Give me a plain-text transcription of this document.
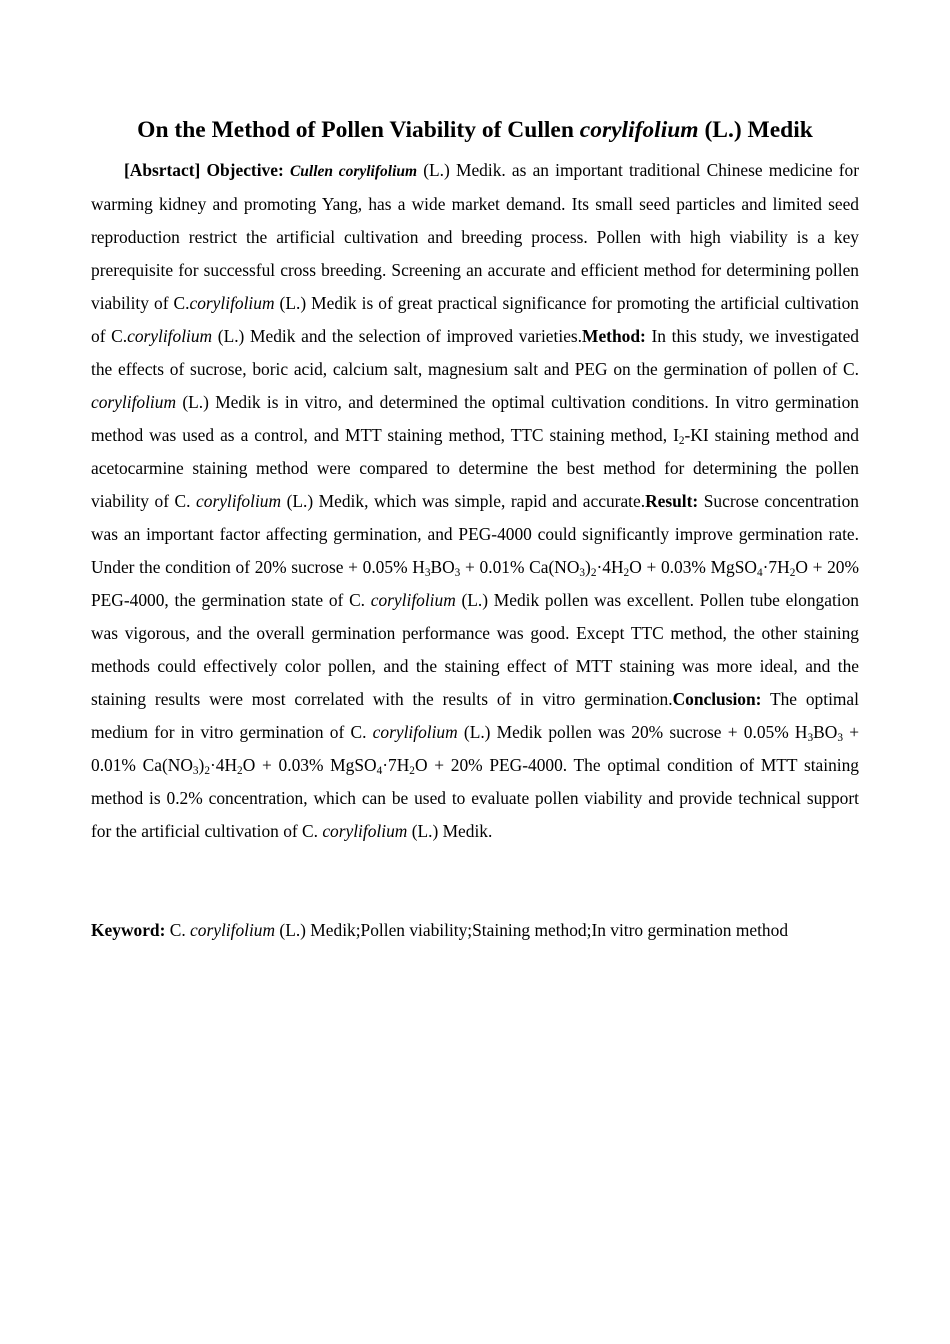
On the Method of Pollen Viability of Cullen corylifolium (L.) Medik

[Absrtact] Objective: Cullen corylifolium (L.) Medik. as an important traditional Chinese medicine for warming kidney and promoting Yang, has a wide market demand. Its small seed particles and limited seed reproduction restrict the artificial cultivation and breeding process. Pollen with high viability is a key prerequisite for successful cross breeding. Screening an accurate and efficient method for determining pollen viability of C.corylifolium (L.) Medik is of great practical significance for promoting the artificial cultivation of C.corylifolium (L.) Medik and the selection of improved varieties.Method: In this study, we investigated the effects of sucrose, boric acid, calcium salt, magnesium salt and PEG on the germination of pollen of C. corylifolium (L.) Medik is in vitro, and determined the optimal cultivation conditions. In vitro germination method was used as a control, and MTT staining method, TTC staining method, $I_2-KI$ staining method and acetocarmine staining method were compared to determine the best method for determining the pollen viability of C. corylifolium (L.) Medik, which was simple, rapid and accurate.Result: Sucrose concentration was an important factor affecting germination, and PEG-4000 could significantly improve germination rate. Under the condition of 20% sucrose + 0.05% $H_3BO_3 + 0.01\%$ $Ca(NO_3)_2\cdot 4H_2O + 0.03\%$ $MgSO_4\cdot 7H_2O + 20\%$ PEG-4000, the germination state of C. corylifolium (L.) Medik pollen was excellent. Pollen tube elongation was vigorous, and the overall germination performance was good. Except TTC method, the other staining methods could effectively color pollen, and the staining effect of MTT staining was more ideal, and the staining results were most correlated with the results of in vitro germination.Conclusion: The optimal medium for in vitro germination of C. corylifolium (L.) Medik pollen was 20% sucrose + 0.05% $H_3BO_3 + 0.01\%$ $Ca(NO_3)_2\cdot 4H_2O + 0.03\%$ $MgSO_4\cdot 7H_2O + 20\%$ PEG-4000. The optimal condition of MTT staining method is 0.2% concentration, which can be used to evaluate pollen viability and provide technical support for the artificial cultivation of C. corylifolium (L.) Medik.

Keyword: C. corylifolium (L.) Medik;Pollen viability;Staining method;In vitro germination method
